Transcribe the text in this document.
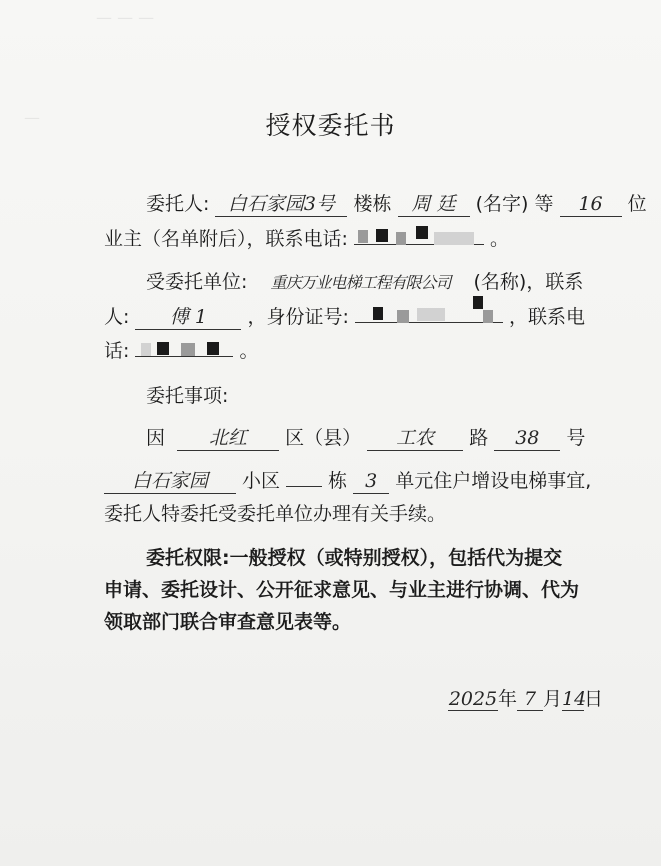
— — —
—	授权委托书
委托人: 白石家园3号 楼栋 周 廷 (名字) 等 16 位
业主（名单附后），联系电话:	。
受委托单位: 重庆万业电梯工程有限公司 (名称)，联系
人: 傅 1 ，身份证号:	，联系电
话:	。
委托事项:
因 北红 区（县） 工农 路 38 号
白石家园 小区	栋 3 单元住户增设电梯事宜,
委托人特委托受委托单位办理有关手续。
委托权限:一般授权（或特别授权），包括代为提交
申请、委托设计、公开征求意见、与业主进行协调、代为
领取部门联合审查意见表等。
2025年 7 月14日
